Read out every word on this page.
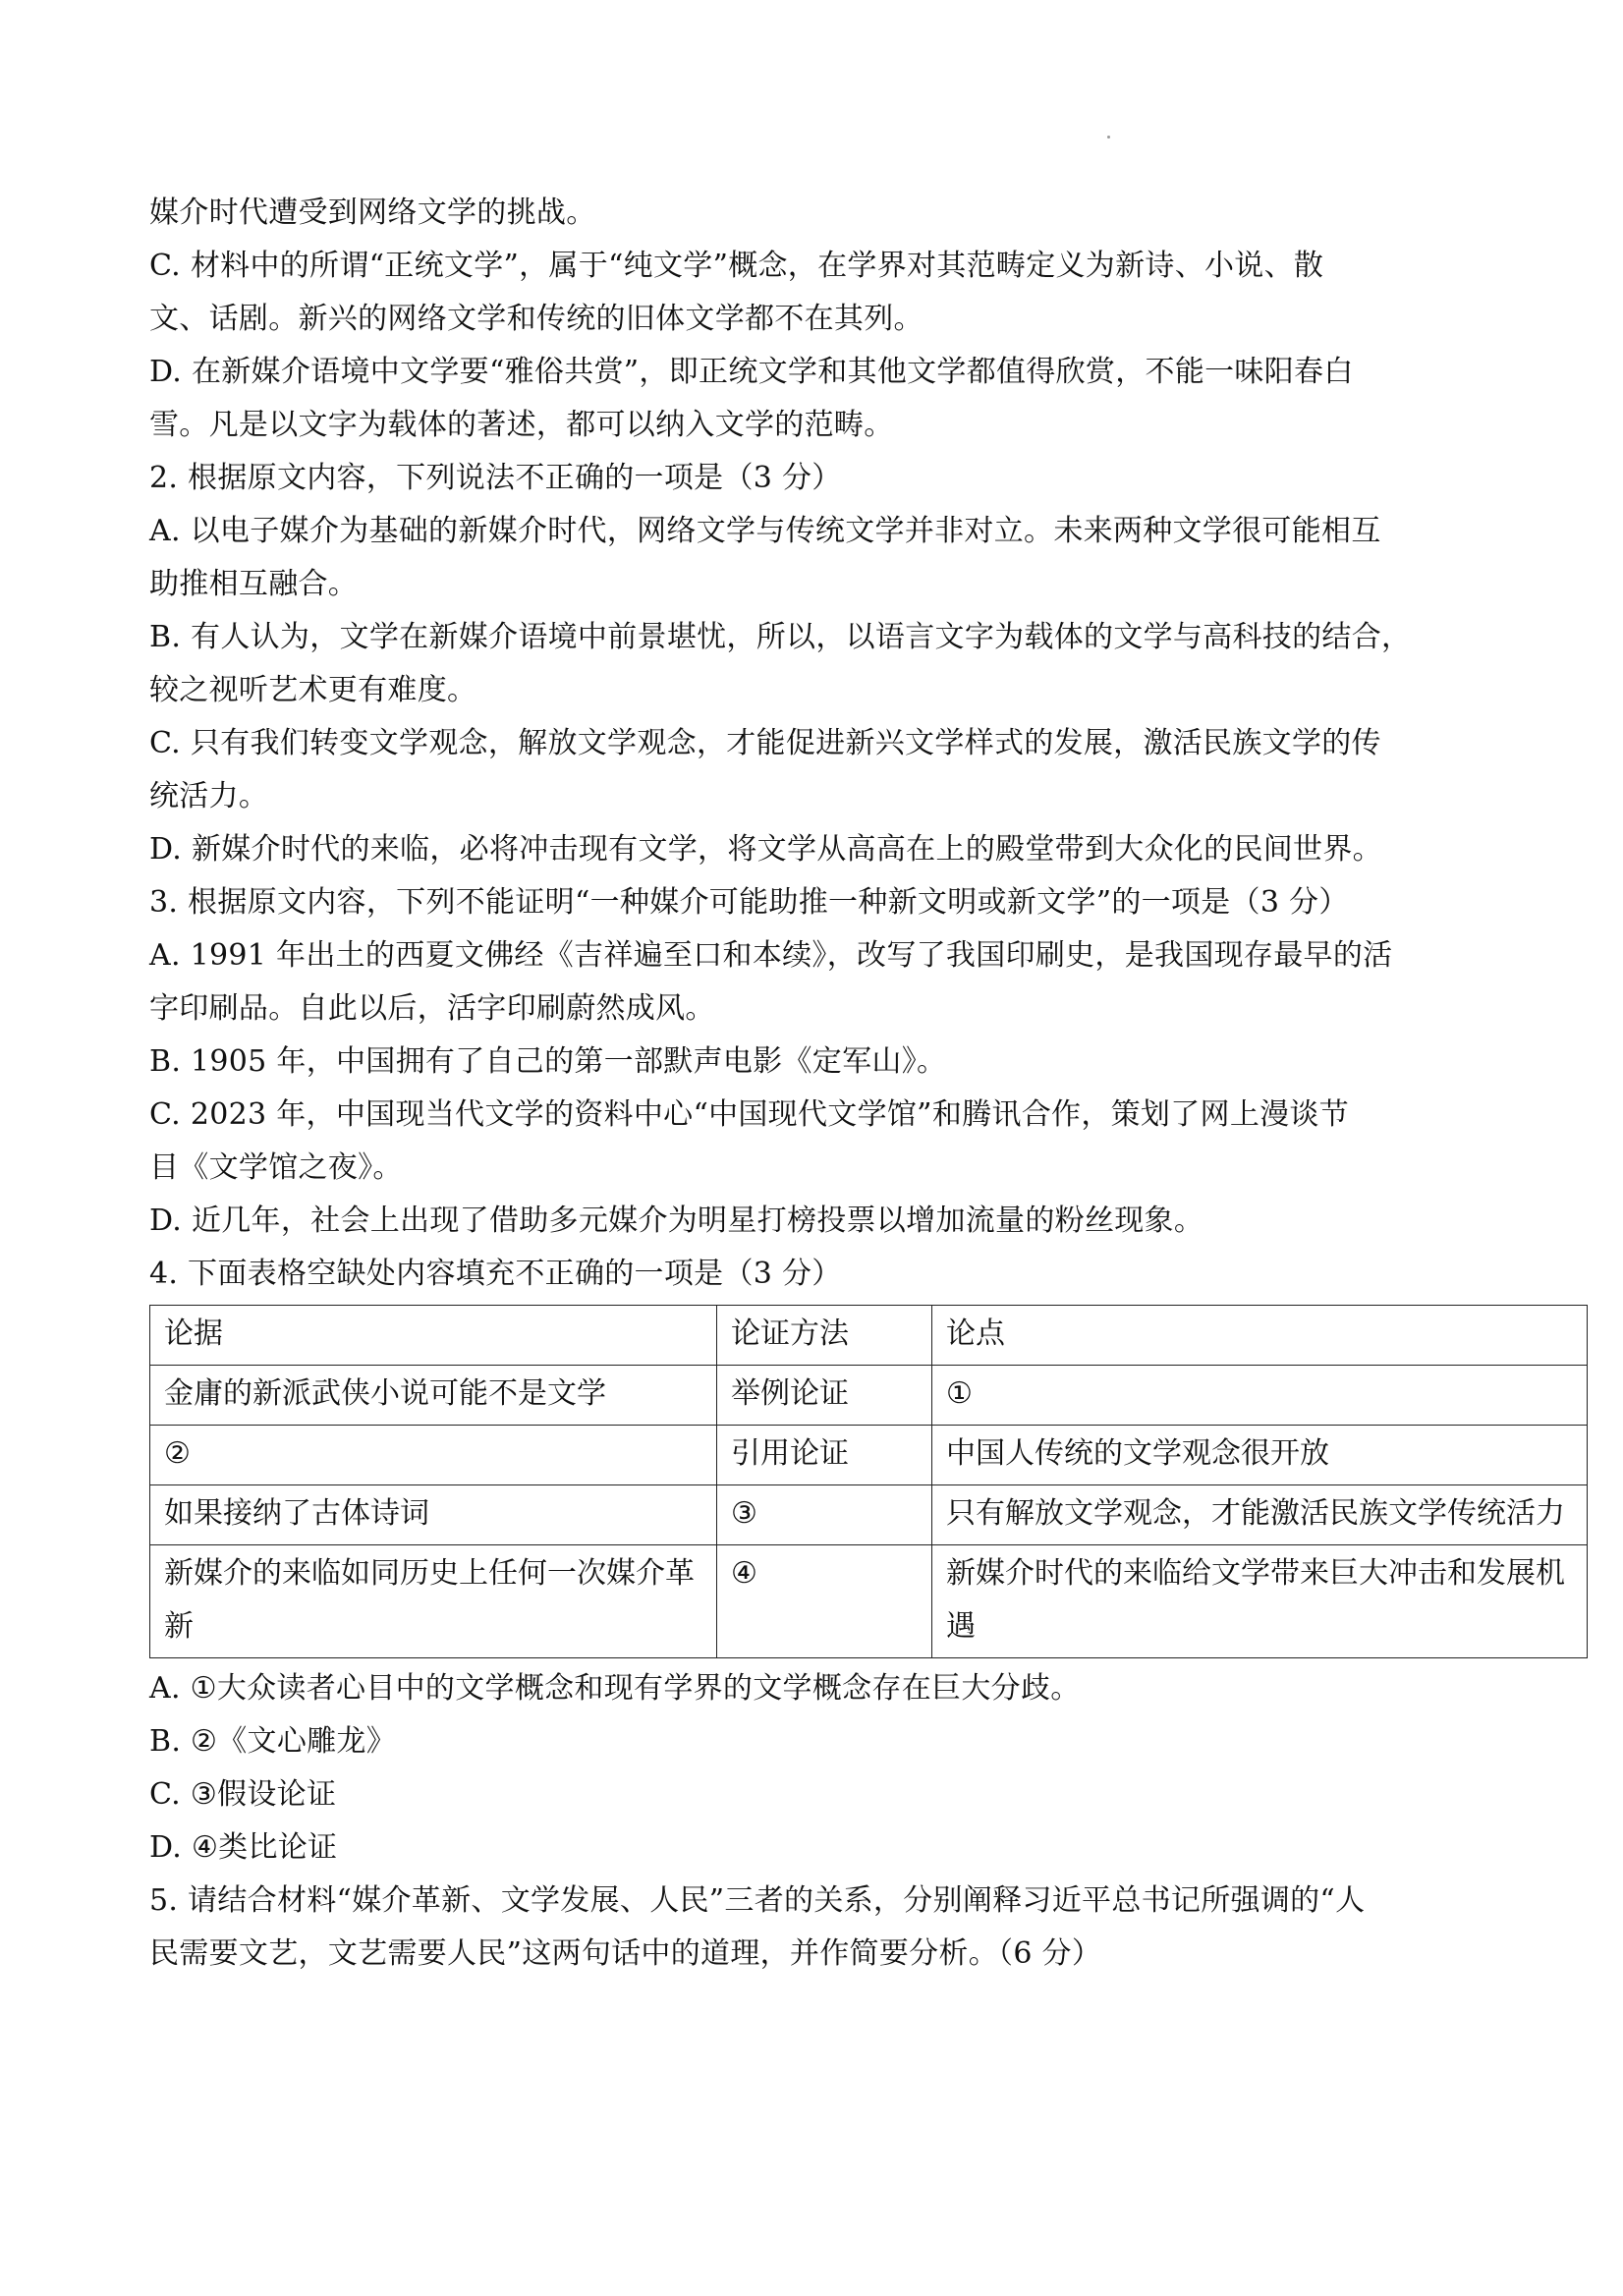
媒介时代遭受到网络文学的挑战。
C. 材料中的所谓“正统文学”，属于“纯文学”概念，在学界对其范畴定义为新诗、小说、散
文、话剧。新兴的网络文学和传统的旧体文学都不在其列。
D. 在新媒介语境中文学要“雅俗共赏”，即正统文学和其他文学都值得欣赏，不能一味阳春白
雪。凡是以文字为载体的著述，都可以纳入文学的范畴。
2. 根据原文内容，下列说法不正确的一项是（3 分）
A. 以电子媒介为基础的新媒介时代，网络文学与传统文学并非对立。未来两种文学很可能相互
助推相互融合。
B. 有人认为，文学在新媒介语境中前景堪忧，所以，以语言文字为载体的文学与高科技的结合，
较之视听艺术更有难度。
C. 只有我们转变文学观念，解放文学观念，才能促进新兴文学样式的发展，激活民族文学的传
统活力。
D. 新媒介时代的来临，必将冲击现有文学，将文学从高高在上的殿堂带到大众化的民间世界。
3. 根据原文内容，下列不能证明“一种媒介可能助推一种新文明或新文学”的一项是（3 分）
A. 1991 年出土的西夏文佛经《吉祥遍至口和本续》，改写了我国印刷史，是我国现存最早的活
字印刷品。自此以后，活字印刷蔚然成风。
B. 1905 年，中国拥有了自己的第一部默声电影《定军山》。
C. 2023 年，中国现当代文学的资料中心“中国现代文学馆”和腾讯合作，策划了网上漫谈节
目《文学馆之夜》。
D. 近几年，社会上出现了借助多元媒介为明星打榜投票以增加流量的粉丝现象。
4. 下面表格空缺处内容填充不正确的一项是（3 分）
论据	论证方法	论点
金庸的新派武侠小说可能不是文学	举例论证	①
②	引用论证	中国人传统的文学观念很开放
如果接纳了古体诗词	③	只有解放文学观念，才能激活民族文学传统活力
新媒介的来临如同历史上任何一次媒介革新	④	新媒介时代的来临给文学带来巨大冲击和发展机遇
A. ①大众读者心目中的文学概念和现有学界的文学概念存在巨大分歧。
B. ②《文心雕龙》
C. ③假设论证
D. ④类比论证
5. 请结合材料“媒介革新、文学发展、人民”三者的关系，分别阐释习近平总书记所强调的“人
民需要文艺，文艺需要人民”这两句话中的道理，并作简要分析。（6 分）
